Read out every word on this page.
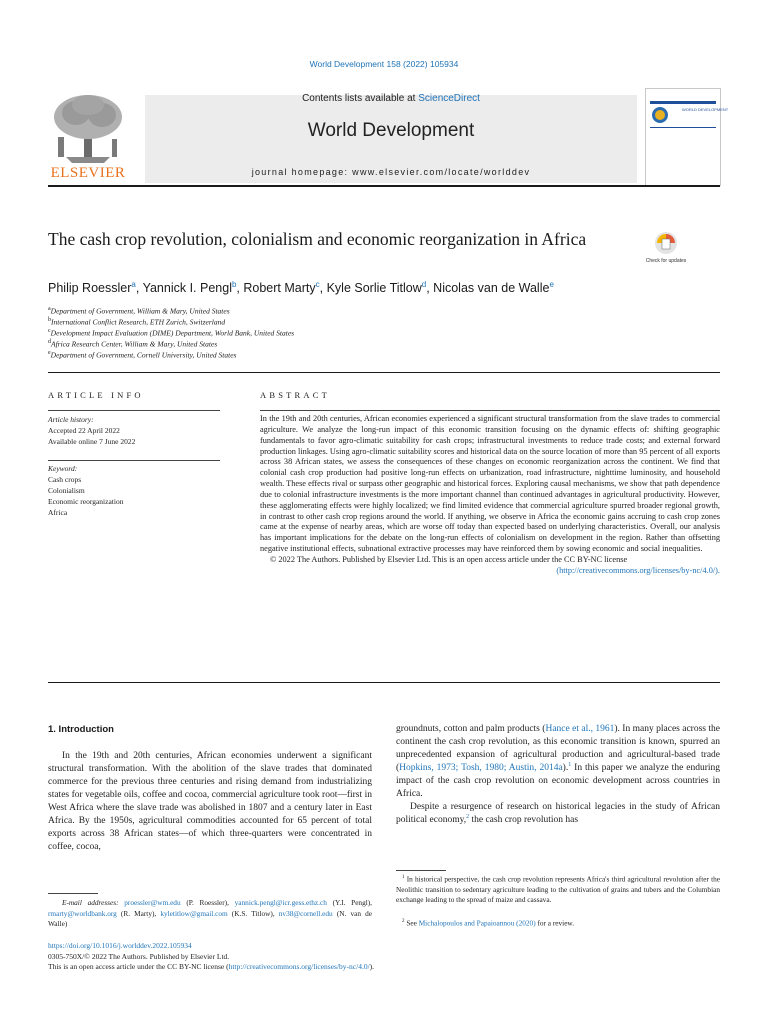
World Development 158 (2022) 105934
ELSEVIER
Contents lists available at ScienceDirect
World Development
journal homepage: www.elsevier.com/locate/worlddev
WORLD DEVELOPMENT
The cash crop revolution, colonialism and economic reorganization in Africa
Check for updates
Philip Roessler$^a$, Yannick I. Pengl$^b$, Robert Marty$^c$, Kyle Sorlie Titlow$^d$, Nicolas van de Walle$^e$
$^a$Department of Government, William & Mary, United States
$^b$International Conflict Research, ETH Zurich, Switzerland
$^c$Development Impact Evaluation (DIME) Department, World Bank, United States
$^d$Africa Research Center, William & Mary, United States
$^e$Department of Government, Cornell University, United States
ARTICLE INFO
Article history:
Accepted 22 April 2022
Available online 7 June 2022
Keyword:
Cash crops
Colonialism
Economic reorganization
Africa
ABSTRACT
In the 19th and 20th centuries, African economies experienced a significant structural transformation from the slave trades to commercial agriculture. We analyze the long-run impact of this economic transition focusing on the dynamic effects of: shifting geographic fundamentals to favor agro-climatic suitability for cash crops; infrastructural investments to reduce trade costs; and external forward production linkages. Using agro-climatic suitability scores and historical data on the source location of more than 95 percent of all exports across 38 African states, we assess the consequences of these changes on economic reorganization across the continent. We find that colonial cash crop production had positive long-run effects on urbanization, road infrastructure, nighttime luminosity, and household wealth. These effects rival or surpass other geographic and historical forces. Exploring causal mechanisms, we show that path dependence due to colonial infrastructure investments is the more important channel than continued advantages in agricultural productivity. However, these agglomerating effects were highly localized; we find limited evidence that commercial agriculture spurred broader regional growth, in contrast to other cash crop regions around the world. If anything, we observe in Africa the economic gains accruing to cash crop zones came at the expense of nearby areas, which are worse off today than expected based on underlying characteristics. Overall, our analysis has important implications for the debate on the long-run effects of colonialism on development in the region. Rather than offsetting negative institutional effects, subnational extractive processes may have reinforced them by sowing economic and social inequalities.
© 2022 The Authors. Published by Elsevier Ltd. This is an open access article under the CC BY-NC license
(http://creativecommons.org/licenses/by-nc/4.0/).
1. Introduction
In the 19th and 20th centuries, African economies underwent a significant structural transformation. With the abolition of the slave trades that dominated commerce for the previous three centuries and rising demand from industrializing states for vegetable oils, coffee and cocoa, commercial agriculture took root—first in West Africa where the slave trade was abolished in 1807 and a century later in East Africa. By the 1950s, agricultural commodities accounted for 65 percent of total exports across 38 African states—of which three-quarters were concentrated in coffee, cocoa,
groundnuts, cotton and palm products (Hance et al., 1961). In many places across the continent the cash crop revolution, as this economic transition is known, spurred an unprecedented expansion of agricultural production and agricultural-based trade (Hopkins, 1973; Tosh, 1980; Austin, 2014a).$^1$ In this paper we analyze the enduring impact of the cash crop revolution on economic development across countries in Africa.
Despite a resurgence of research on historical legacies in the study of African political economy,$^2$ the cash crop revolution has
E-mail addresses: proessler@wm.edu (P. Roessler), yannick.pengl@icr.gess.ethz.ch (Y.I. Pengl), rmarty@worldbank.org (R. Marty), kyletitlow@gmail.com (K.S. Titlow), nv38@cornell.edu (N. van de Walle)
$^1$ In historical perspective, the cash crop revolution represents Africa's third agricultural revolution after the Neolithic transition to sedentary agriculture leading to the cultivation of grains and tubers and the Columbian exchange leading to the spread of maize and cassava.
$^2$ See Michalopoulos and Papaioannou (2020) for a review.
https://doi.org/10.1016/j.worlddev.2022.105934
0305-750X/© 2022 The Authors. Published by Elsevier Ltd.
This is an open access article under the CC BY-NC license (http://creativecommons.org/licenses/by-nc/4.0/).
